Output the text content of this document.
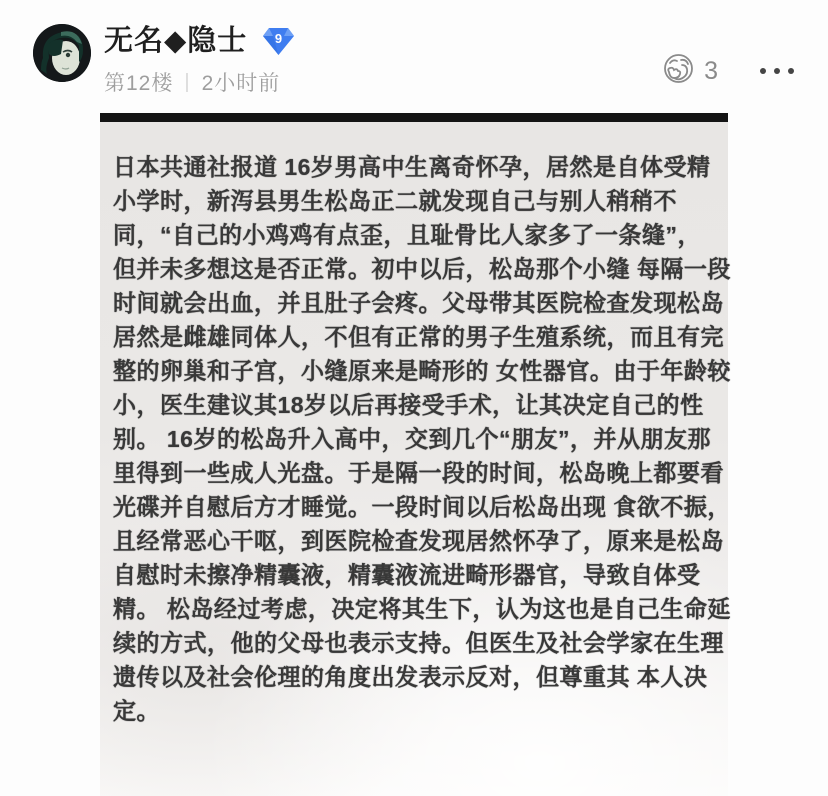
无名◆隐士 9
第12楼 | 2小时前	3
日本共通社报道 16岁男高中生离奇怀孕，居然是自体受精
小学时，新泻县男生松岛正二就发现自己与别人稍稍不
同，“自己的小鸡鸡有点歪，且耻骨比人家多了一条缝”，
但并未多想这是否正常。初中以后，松岛那个小缝 每隔一段
时间就会出血，并且肚子会疼。父母带其医院检查发现松岛
居然是雌雄同体人，不但有正常的男子生殖系统，而且有完
整的卵巢和子宫，小缝原来是畸形的 女性器官。由于年龄较
小，医生建议其18岁以后再接受手术，让其决定自己的性
别。 16岁的松岛升入高中，交到几个“朋友”，并从朋友那
里得到一些成人光盘。于是隔一段的时间，松岛晚上都要看
光碟并自慰后方才睡觉。一段时间以后松岛出现 食欲不振，
且经常恶心干呕，到医院检查发现居然怀孕了，原来是松岛
自慰时未擦净精囊液，精囊液流进畸形器官，导致自体受
精。 松岛经过考虑，决定将其生下，认为这也是自己生命延
续的方式，他的父母也表示支持。但医生及社会学家在生理
遗传以及社会伦理的角度出发表示反对，但尊重其 本人决
定。
